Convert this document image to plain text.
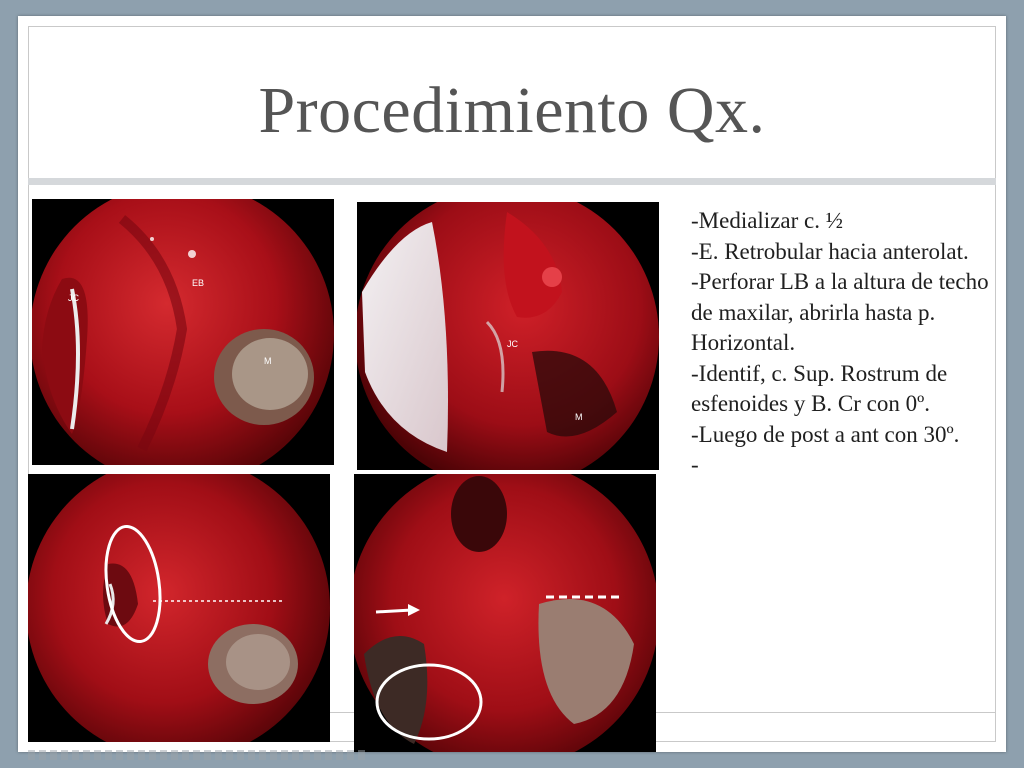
Procedimiento Qx.
JC
EB
M
JC
M
-Medializar c. ½
-E. Retrobular hacia anterolat.
-Perforar LB a la altura de techo de maxilar, abrirla hasta p. Horizontal.
-Identif, c. Sup. Rostrum de esfenoides y B. Cr con 0º.
-Luego de post a ant con 30º.
-
